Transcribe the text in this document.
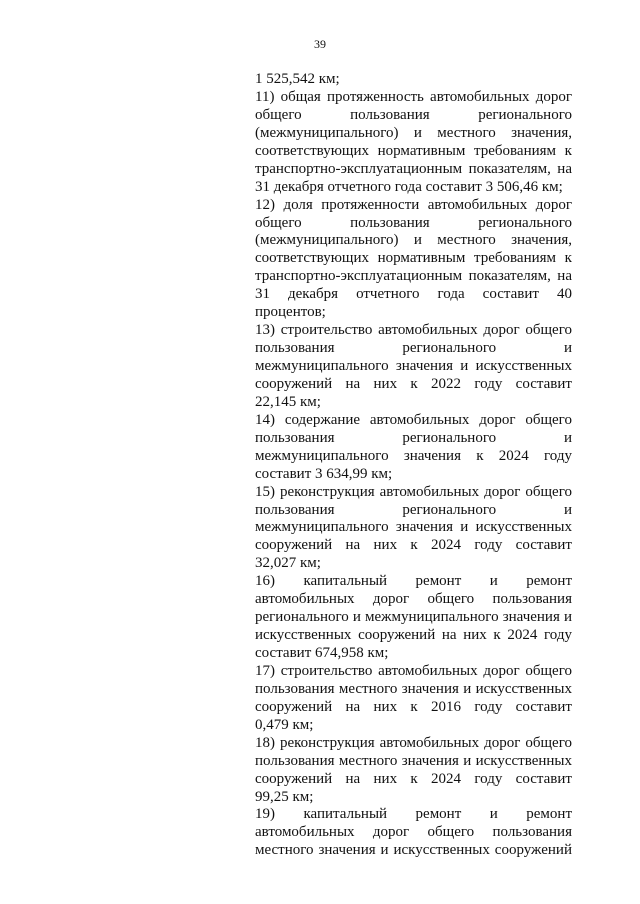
39
1 525,542 км;
11) общая протяженность автомобильных дорог
общего	пользования	регионального
(межмуниципального) и местного значения,
соответствующих нормативным требованиям к
транспортно-эксплуатационным показателям, на
31 декабря отчетного года составит 3 506,46 км;
12) доля протяженности автомобильных дорог
общего	пользования	регионального
(межмуниципального) и местного значения,
соответствующих нормативным требованиям к
транспортно-эксплуатационным показателям, на
31 декабря отчетного года составит 40
процентов;
13) строительство автомобильных дорог общего
пользования	регионального	и
межмуниципального значения и искусственных
сооружений на них к 2022 году составит
22,145 км;
14) содержание автомобильных дорог общего
пользования	регионального	и
межмуниципального значения к 2024 году
составит 3 634,99 км;
15) реконструкция автомобильных дорог общего
пользования	регионального	и
межмуниципального значения и искусственных
сооружений на них к 2024 году составит
32,027 км;
16) капитальный ремонт и ремонт
автомобильных дорог общего пользования
регионального и межмуниципального значения и
искусственных сооружений на них к 2024 году
составит 674,958 км;
17) строительство автомобильных дорог общего
пользования местного значения и искусственных
сооружений на них к 2016 году составит
0,479 км;
18) реконструкция автомобильных дорог общего
пользования местного значения и искусственных
сооружений на них к 2024 году составит
99,25 км;
19) капитальный ремонт и ремонт
автомобильных дорог общего пользования
местного значения и искусственных сооружений
